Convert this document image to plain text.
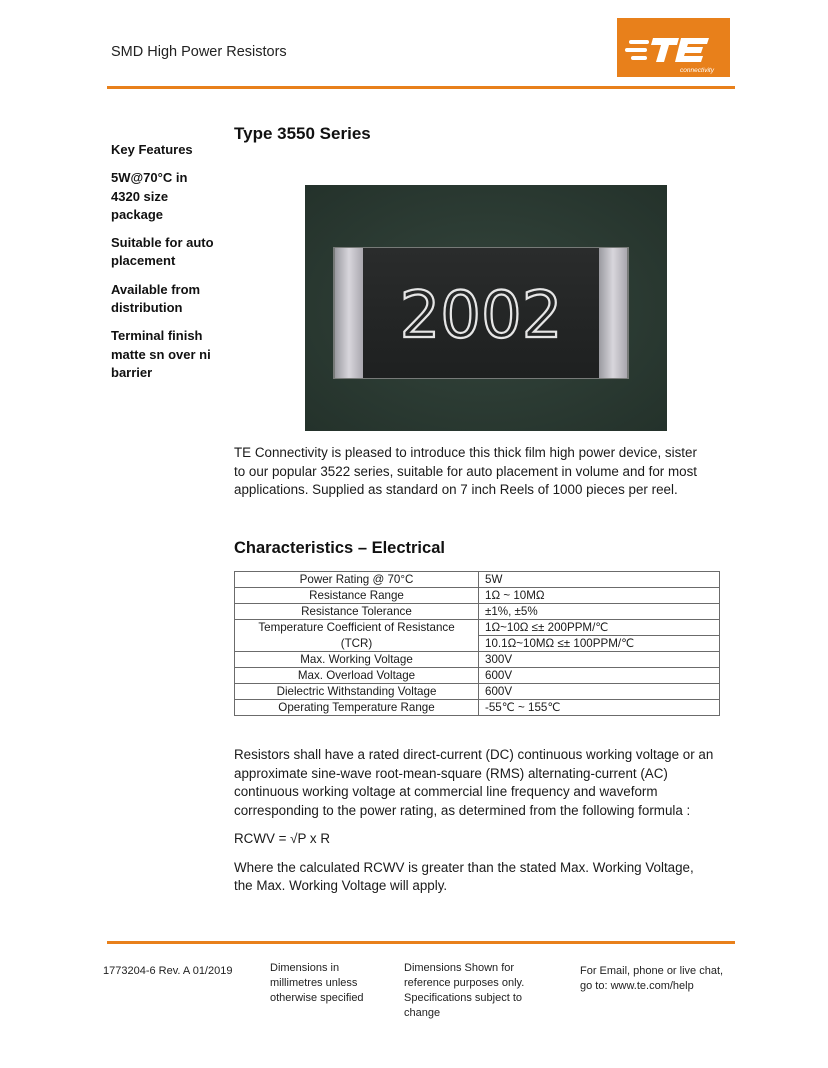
SMD High Power Resistors
connectivity
Key Features
5W@70°C in 4320 size package
Suitable for auto placement
Available from distribution
Terminal finish matte sn over ni barrier
Type 3550 Series
2002
TE Connectivity is pleased to introduce this thick film high power device, sister
to our popular 3522 series, suitable for auto placement in volume and for most
applications. Supplied as standard on 7 inch Reels of 1000 pieces per reel.
Characteristics – Electrical
Power Rating @ 70°C	5W
Resistance Range	1Ω ~ 10MΩ
Resistance Tolerance	±1%, ±5%
Temperature Coefficient of Resistance	1Ω~10Ω ≤± 200PPM/℃
(TCR)	10.1Ω~10MΩ ≤± 100PPM/℃
Max. Working Voltage	300V
Max. Overload Voltage	600V
Dielectric Withstanding Voltage	600V
Operating Temperature Range	-55℃ ~ 155℃

Resistors shall have a rated direct-current (DC) continuous working voltage or an
approximate sine-wave root-mean-square (RMS) alternating-current (AC)
continuous working voltage at commercial line frequency and waveform
corresponding to the power rating, as determined from the following formula :

RCWV = √P x R

Where the calculated RCWV is greater than the stated Max. Working Voltage,
the Max. Working Voltage will apply.

1773204-6 Rev. A 01/2019	Dimensions in
millimetres unless
otherwise specified
Dimensions Shown for
reference purposes only.
Specifications subject to
change
For Email, phone or live chat,
go to: www.te.com/help
